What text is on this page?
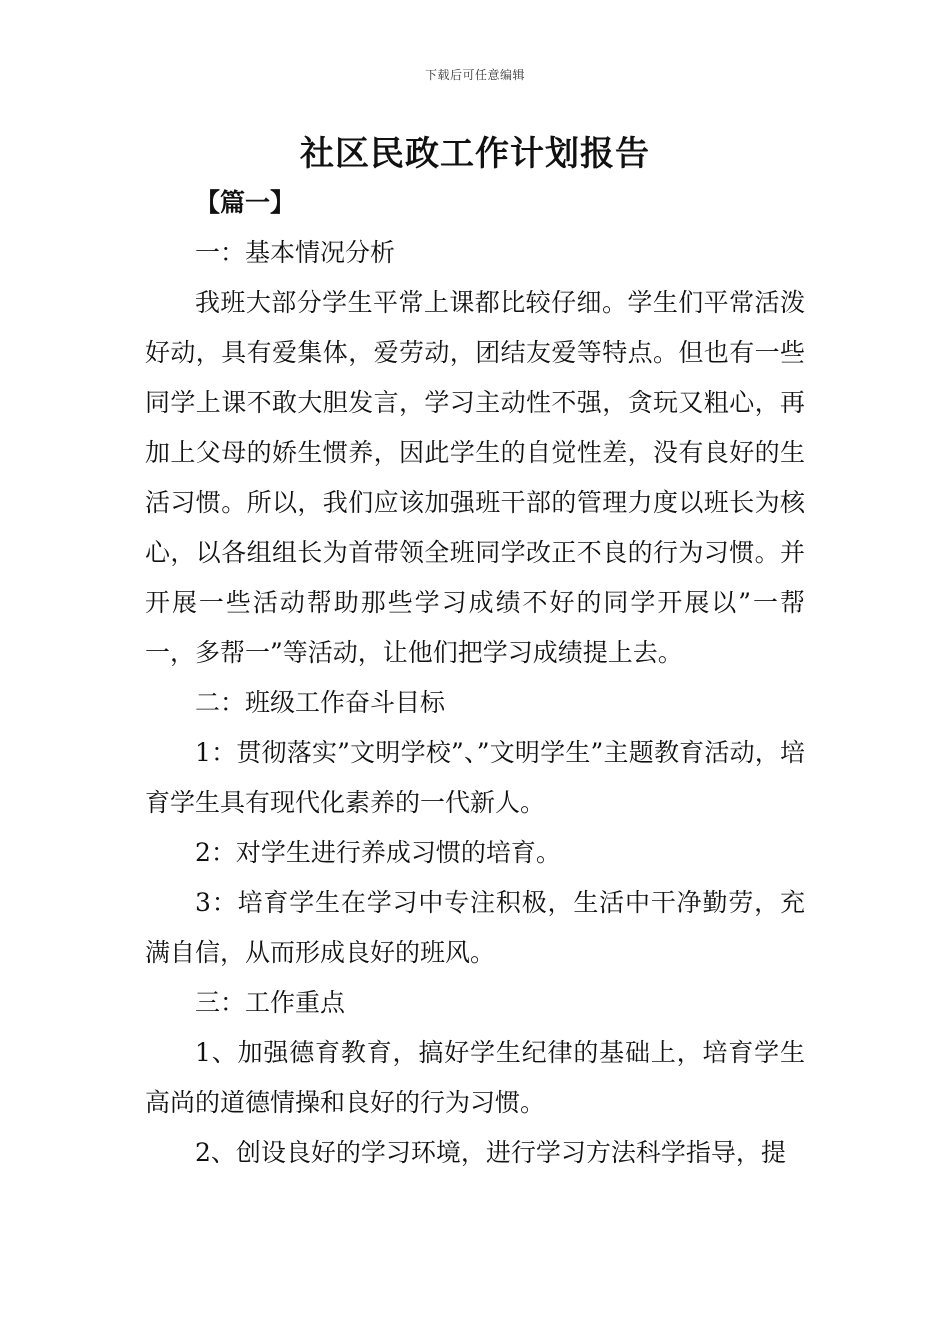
下载后可任意编辑
社区民政工作计划报告

【篇一】

一：基本情况分析

我班大部分学生平常上课都比较仔细。学生们平常活泼好动，具有爱集体，爱劳动，团结友爱等特点。但也有一些同学上课不敢大胆发言，学习主动性不强，贪玩又粗心，再加上父母的娇生惯养，因此学生的自觉性差，没有良好的生活习惯。所以，我们应该加强班干部的管理力度以班长为核心，以各组组长为首带领全班同学改正不良的行为习惯。并开展一些活动帮助那些学习成绩不好的同学开展以”一帮一，多帮一”等活动，让他们把学习成绩提上去。

二：班级工作奋斗目标

1：贯彻落实”文明学校”、”文明学生”主题教育活动，培育学生具有现代化素养的一代新人。

2：对学生进行养成习惯的培育。

3：培育学生在学习中专注积极，生活中干净勤劳，充满自信，从而形成良好的班风。

三：工作重点

1、加强德育教育，搞好学生纪律的基础上，培育学生高尚的道德情操和良好的行为习惯。

2、创设良好的学习环境，进行学习方法科学指导，提
